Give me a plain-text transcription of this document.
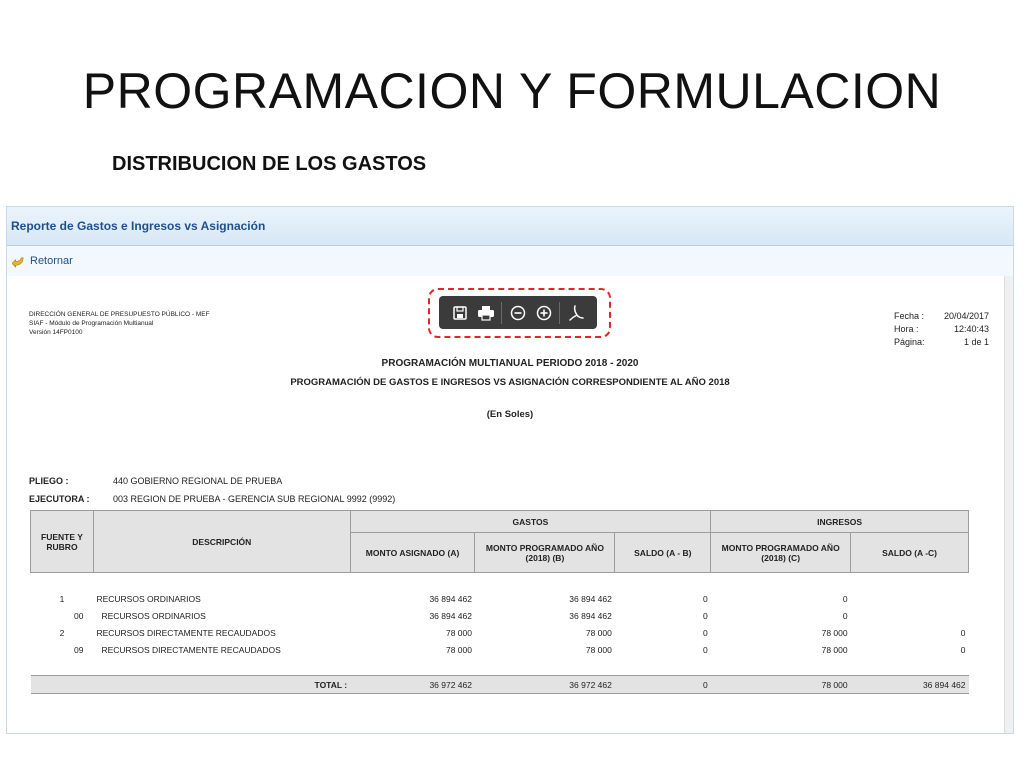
PROGRAMACION Y FORMULACION
DISTRIBUCION DE LOS GASTOS
Reporte de Gastos e Ingresos vs Asignación
Retornar
DIRECCIÓN GENERAL DE PRESUPUESTO PÚBLICO - MEF
SIAF - Módulo de Programación Multianual
Versión 14FP0100
Fecha :	20/04/2017
Hora :	12:40:43
Página:	1 de 1
PROGRAMACIÓN MULTIANUAL PERIODO 2018 - 2020
PROGRAMACIÓN DE GASTOS E INGRESOS VS ASIGNACIÓN CORRESPONDIENTE AL AÑO 2018
(En Soles)
PLIEGO :	440 GOBIERNO REGIONAL DE PRUEBA
EJECUTORA :	003 REGION DE PRUEBA - GERENCIA SUB REGIONAL 9992 (9992)
FUENTE Y RUBRO	DESCRIPCIÓN	GASTOS			INGRESOS	
		MONTO ASIGNADO (A)	MONTO PROGRAMADO AÑO (2018) (B)	SALDO (A - B)	MONTO PROGRAMADO AÑO (2018) (C)	SALDO (A -C)

1	RECURSOS ORDINARIOS	36 894 462	36 894 462	0	0	
00	RECURSOS ORDINARIOS	36 894 462	36 894 462	0	0	
2	RECURSOS DIRECTAMENTE RECAUDADOS	78 000	78 000	0	78 000	0
09	RECURSOS DIRECTAMENTE RECAUDADOS	78 000	78 000	0	78 000	0

	TOTAL :	36 972 462	36 972 462	0	78 000	36 894 462
